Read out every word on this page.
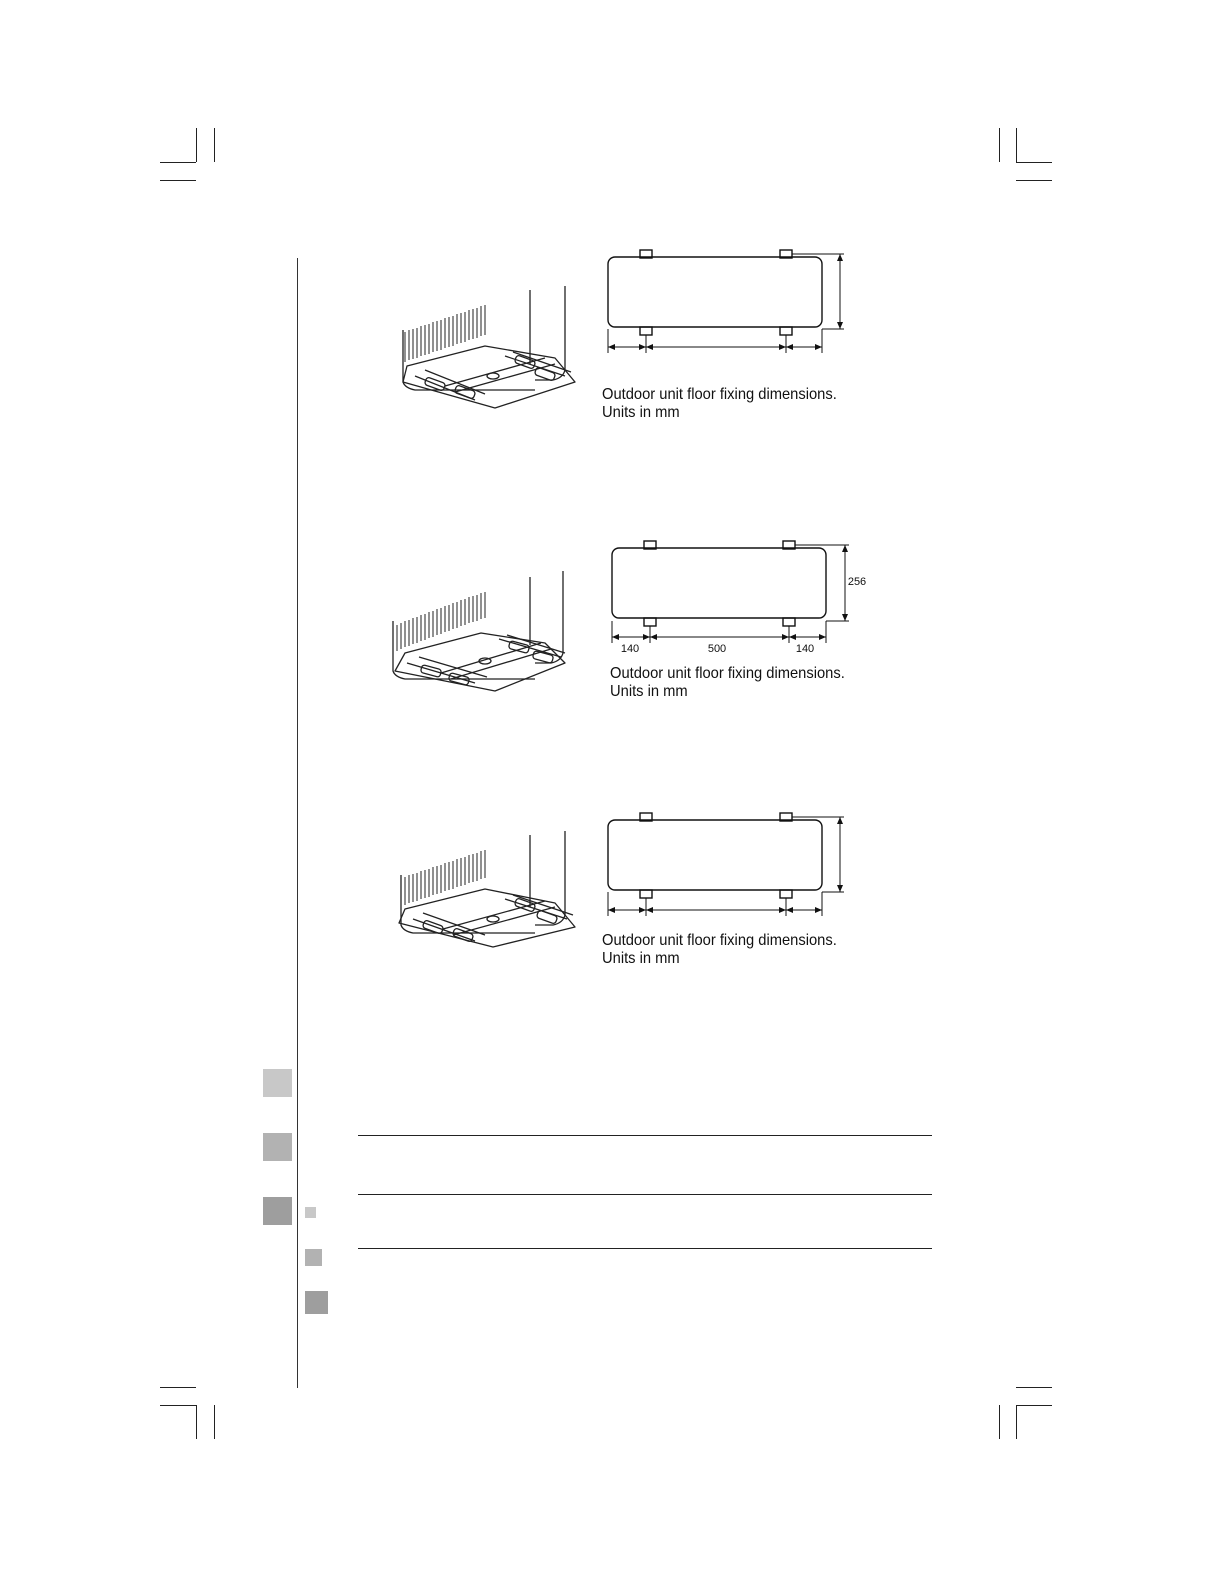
Outdoor unit floor fixing dimensions.
Units in mm
140	500	140
256
Outdoor unit floor fixing dimensions.
Units in mm
Outdoor unit floor fixing dimensions.
Units in mm
